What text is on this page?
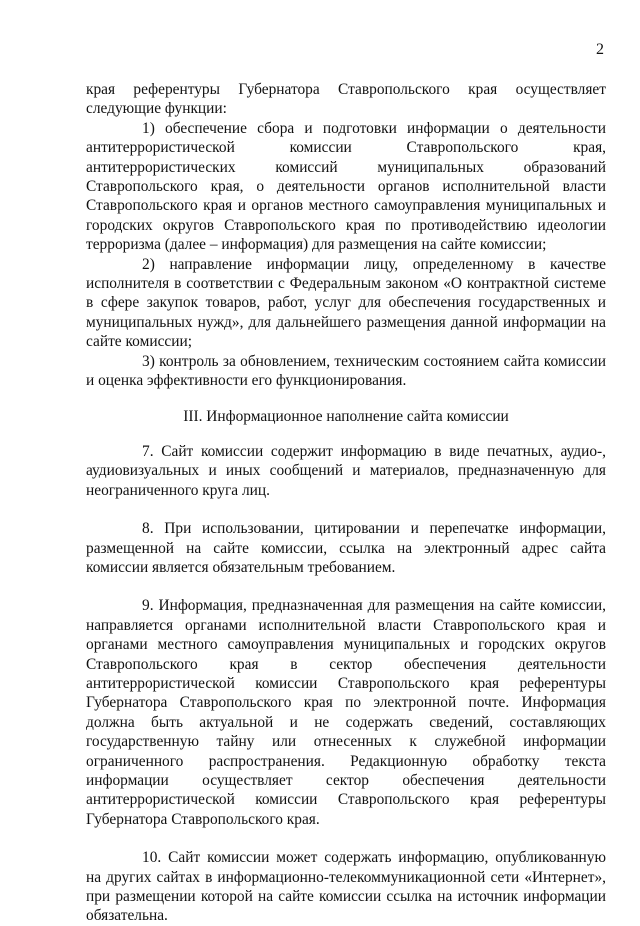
2

края референтуры Губернатора Ставропольского края осуществляет следующие функции:

1) обеспечение сбора и подготовки информации о деятельности антитеррористической комиссии Ставропольского края, антитеррористических комиссий муниципальных образований Ставропольского края, о деятельности органов исполнительной власти Ставропольского края и органов местного самоуправления муниципальных и городских округов Ставропольского края по противодействию идеологии терроризма (далее – информация) для размещения на сайте комиссии;

2) направление информации лицу, определенному в качестве исполнителя в соответствии с Федеральным законом «О контрактной системе в сфере закупок товаров, работ, услуг для обеспечения государственных и муниципальных нужд», для дальнейшего размещения данной информации на сайте комиссии;

3) контроль за обновлением, техническим состоянием сайта комиссии и оценка эффективности его функционирования.

III. Информационное наполнение сайта комиссии

7. Сайт комиссии содержит информацию в виде печатных, аудио-, аудиовизуальных и иных сообщений и материалов, предназначенную для неограниченного круга лиц.

8. При использовании, цитировании и перепечатке информации, размещенной на сайте комиссии, ссылка на электронный адрес сайта комиссии является обязательным требованием.

9. Информация, предназначенная для размещения на сайте комиссии, направляется органами исполнительной власти Ставропольского края и органами местного самоуправления муниципальных и городских округов Ставропольского края в сектор обеспечения деятельности антитеррористической комиссии Ставропольского края референтуры Губернатора Ставропольского края по электронной почте. Информация должна быть актуальной и не содержать сведений, составляющих государственную тайну или отнесенных к служебной информации ограниченного распространения. Редакционную обработку текста информации осуществляет сектор обеспечения деятельности антитеррористической комиссии Ставропольского края референтуры Губернатора Ставропольского края.

10. Сайт комиссии может содержать информацию, опубликованную на других сайтах в информационно-телекоммуникационной сети «Интернет», при размещении которой на сайте комиссии ссылка на источник информации обязательна.
